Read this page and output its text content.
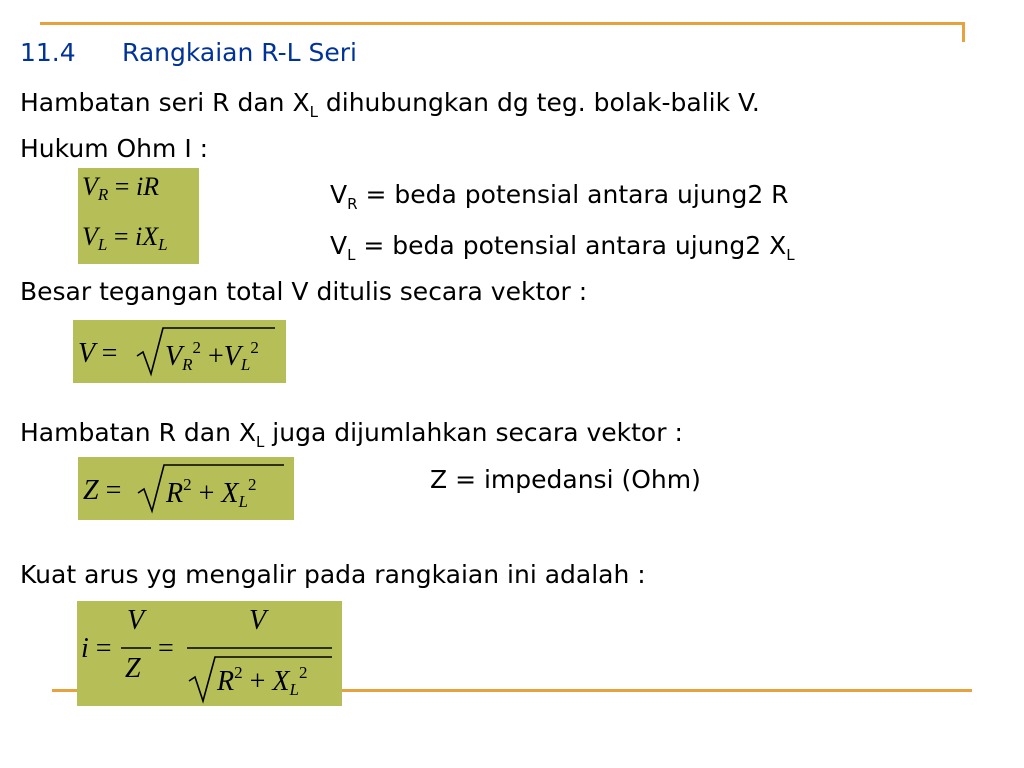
11.4 Rangkaian R-L Seri
Hambatan seri R dan $X_L$ dihubungkan dg teg. bolak-balik V.
Hukum Ohm I :
$V_R$ = iR
$V_L = iX_L$
$V_R$ = beda potensial antara ujung2 R
$V_L$ = beda potensial antara ujung2 $X_L$
Besar tegangan total V ditulis secara vektor :
$V = V_R^2 +V_L^2$
Hambatan R dan $X_L$ juga dijumlahkan secara vektor :
$Z = R^2 + X_L^2$	Z = impedansi (Ohm)
Kuat arus yg mengalir pada rangkaian ini adalah :
i =
V
Z
=
V
$R^2 + X_L^2$
